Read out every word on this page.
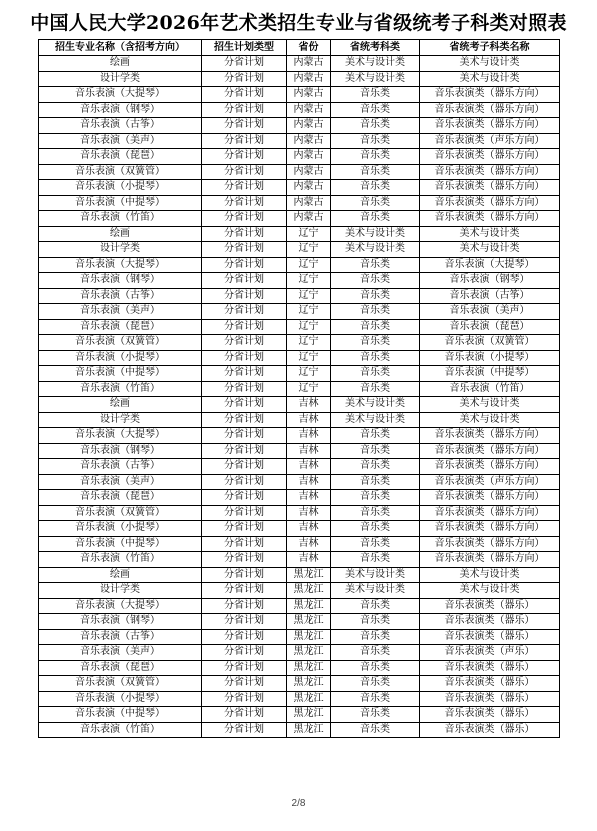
中国人民大学2026年艺术类招生专业与省级统考子科类对照表
招生专业名称（含招考方向）	招生计划类型	省份	省统考科类	省统考子科类名称
绘画	分省计划	内蒙古	美术与设计类	美术与设计类
设计学类	分省计划	内蒙古	美术与设计类	美术与设计类
音乐表演（大提琴）	分省计划	内蒙古	音乐类	音乐表演类（器乐方向）
音乐表演（钢琴）	分省计划	内蒙古	音乐类	音乐表演类（器乐方向）
音乐表演（古筝）	分省计划	内蒙古	音乐类	音乐表演类（器乐方向）
音乐表演（美声）	分省计划	内蒙古	音乐类	音乐表演类（声乐方向）
音乐表演（琵琶）	分省计划	内蒙古	音乐类	音乐表演类（器乐方向）
音乐表演（双簧管）	分省计划	内蒙古	音乐类	音乐表演类（器乐方向）
音乐表演（小提琴）	分省计划	内蒙古	音乐类	音乐表演类（器乐方向）
音乐表演（中提琴）	分省计划	内蒙古	音乐类	音乐表演类（器乐方向）
音乐表演（竹笛）	分省计划	内蒙古	音乐类	音乐表演类（器乐方向）
绘画	分省计划	辽宁	美术与设计类	美术与设计类
设计学类	分省计划	辽宁	美术与设计类	美术与设计类
音乐表演（大提琴）	分省计划	辽宁	音乐类	音乐表演（大提琴）
音乐表演（钢琴）	分省计划	辽宁	音乐类	音乐表演（钢琴）
音乐表演（古筝）	分省计划	辽宁	音乐类	音乐表演（古筝）
音乐表演（美声）	分省计划	辽宁	音乐类	音乐表演（美声）
音乐表演（琵琶）	分省计划	辽宁	音乐类	音乐表演（琵琶）
音乐表演（双簧管）	分省计划	辽宁	音乐类	音乐表演（双簧管）
音乐表演（小提琴）	分省计划	辽宁	音乐类	音乐表演（小提琴）
音乐表演（中提琴）	分省计划	辽宁	音乐类	音乐表演（中提琴）
音乐表演（竹笛）	分省计划	辽宁	音乐类	音乐表演（竹笛）
绘画	分省计划	吉林	美术与设计类	美术与设计类
设计学类	分省计划	吉林	美术与设计类	美术与设计类
音乐表演（大提琴）	分省计划	吉林	音乐类	音乐表演类（器乐方向）
音乐表演（钢琴）	分省计划	吉林	音乐类	音乐表演类（器乐方向）
音乐表演（古筝）	分省计划	吉林	音乐类	音乐表演类（器乐方向）
音乐表演（美声）	分省计划	吉林	音乐类	音乐表演类（声乐方向）
音乐表演（琵琶）	分省计划	吉林	音乐类	音乐表演类（器乐方向）
音乐表演（双簧管）	分省计划	吉林	音乐类	音乐表演类（器乐方向）
音乐表演（小提琴）	分省计划	吉林	音乐类	音乐表演类（器乐方向）
音乐表演（中提琴）	分省计划	吉林	音乐类	音乐表演类（器乐方向）
音乐表演（竹笛）	分省计划	吉林	音乐类	音乐表演类（器乐方向）
绘画	分省计划	黑龙江	美术与设计类	美术与设计类
设计学类	分省计划	黑龙江	美术与设计类	美术与设计类
音乐表演（大提琴）	分省计划	黑龙江	音乐类	音乐表演类（器乐）
音乐表演（钢琴）	分省计划	黑龙江	音乐类	音乐表演类（器乐）
音乐表演（古筝）	分省计划	黑龙江	音乐类	音乐表演类（器乐）
音乐表演（美声）	分省计划	黑龙江	音乐类	音乐表演类（声乐）
音乐表演（琵琶）	分省计划	黑龙江	音乐类	音乐表演类（器乐）
音乐表演（双簧管）	分省计划	黑龙江	音乐类	音乐表演类（器乐）
音乐表演（小提琴）	分省计划	黑龙江	音乐类	音乐表演类（器乐）
音乐表演（中提琴）	分省计划	黑龙江	音乐类	音乐表演类（器乐）
音乐表演（竹笛）	分省计划	黑龙江	音乐类	音乐表演类（器乐）
2/8
